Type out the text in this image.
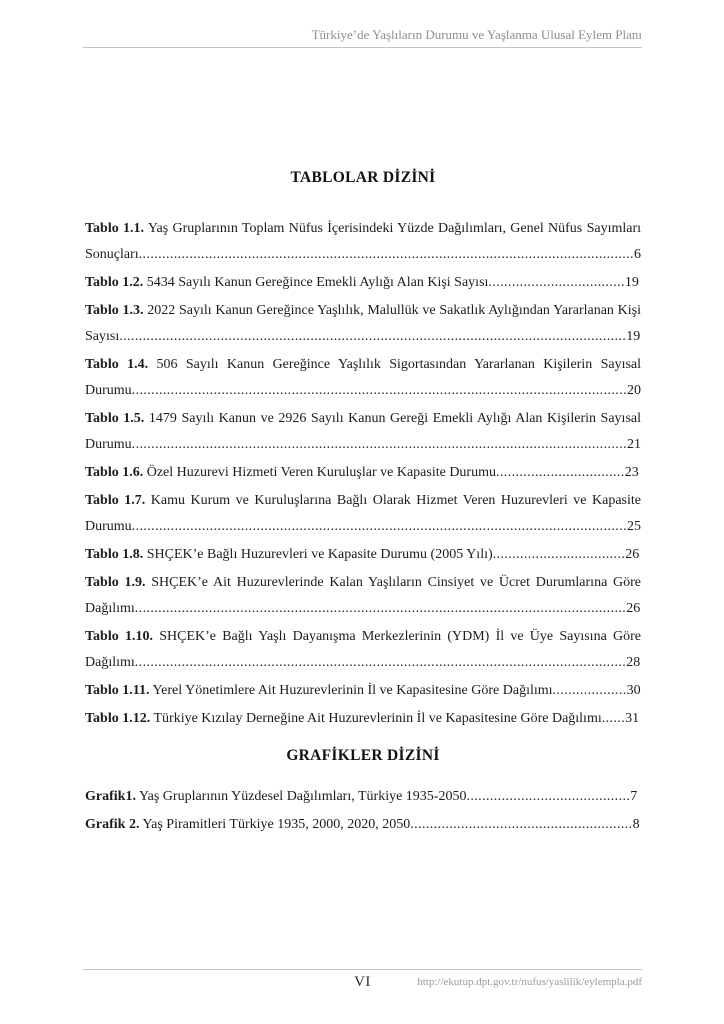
Türkiye’de Yaşlıların Durumu ve Yaşlanma Ulusal Eylem Planı
TABLOLAR DİZİNİ

Tablo 1.1. Yaş Gruplarının Toplam Nüfus İçerisindeki Yüzde Dağılımları, Genel Nüfus Sayımları Sonuçları...............................................................................................................................6

Tablo 1.2. 5434 Sayılı Kanun Gereğince Emekli Aylığı Alan Kişi Sayısı...................................19

Tablo 1.3. 2022 Sayılı Kanun Gereğince Yaşlılık, Malullük ve Sakatlık Aylığından Yararlanan Kişi Sayısı..................................................................................................................................19

Tablo 1.4. 506 Sayılı Kanun Gereğince Yaşlılık Sigortasından Yararlanan Kişilerin Sayısal Durumu...............................................................................................................................20

Tablo 1.5. 1479 Sayılı Kanun ve 2926 Sayılı Kanun Gereği Emekli Aylığı Alan Kişilerin Sayısal Durumu...............................................................................................................................21

Tablo 1.6. Özel Huzurevi Hizmeti Veren Kuruluşlar ve Kapasite Durumu.................................23

Tablo 1.7. Kamu Kurum ve Kuruluşlarına Bağlı Olarak Hizmet Veren Huzurevleri ve Kapasite Durumu...............................................................................................................................25

Tablo 1.8. SHÇEK’e Bağlı Huzurevleri ve Kapasite Durumu (2005 Yılı)..................................26

Tablo 1.9. SHÇEK’e Ait Huzurevlerinde Kalan Yaşlıların Cinsiyet ve Ücret Durumlarına Göre Dağılımı..............................................................................................................................26

Tablo 1.10. SHÇEK’e Bağlı Yaşlı Dayanışma Merkezlerinin (YDM) İl ve Üye Sayısına Göre Dağılımı..............................................................................................................................28

Tablo 1.11. Yerel Yönetimlere Ait Huzurevlerinin İl ve Kapasitesine Göre Dağılımı...................30

Tablo 1.12. Türkiye Kızılay Derneğine Ait Huzurevlerinin İl ve Kapasitesine Göre Dağılımı......31

GRAFİKLER DİZİNİ

Grafik1. Yaş Gruplarının Yüzdesel Dağılımları, Türkiye 1935-2050..........................................7

Grafik 2. Yaş Piramitleri Türkiye 1935, 2000, 2020, 2050.........................................................8

VI	http://ekutup.dpt.gov.tr/nufus/yaslilik/eylempla.pdf
